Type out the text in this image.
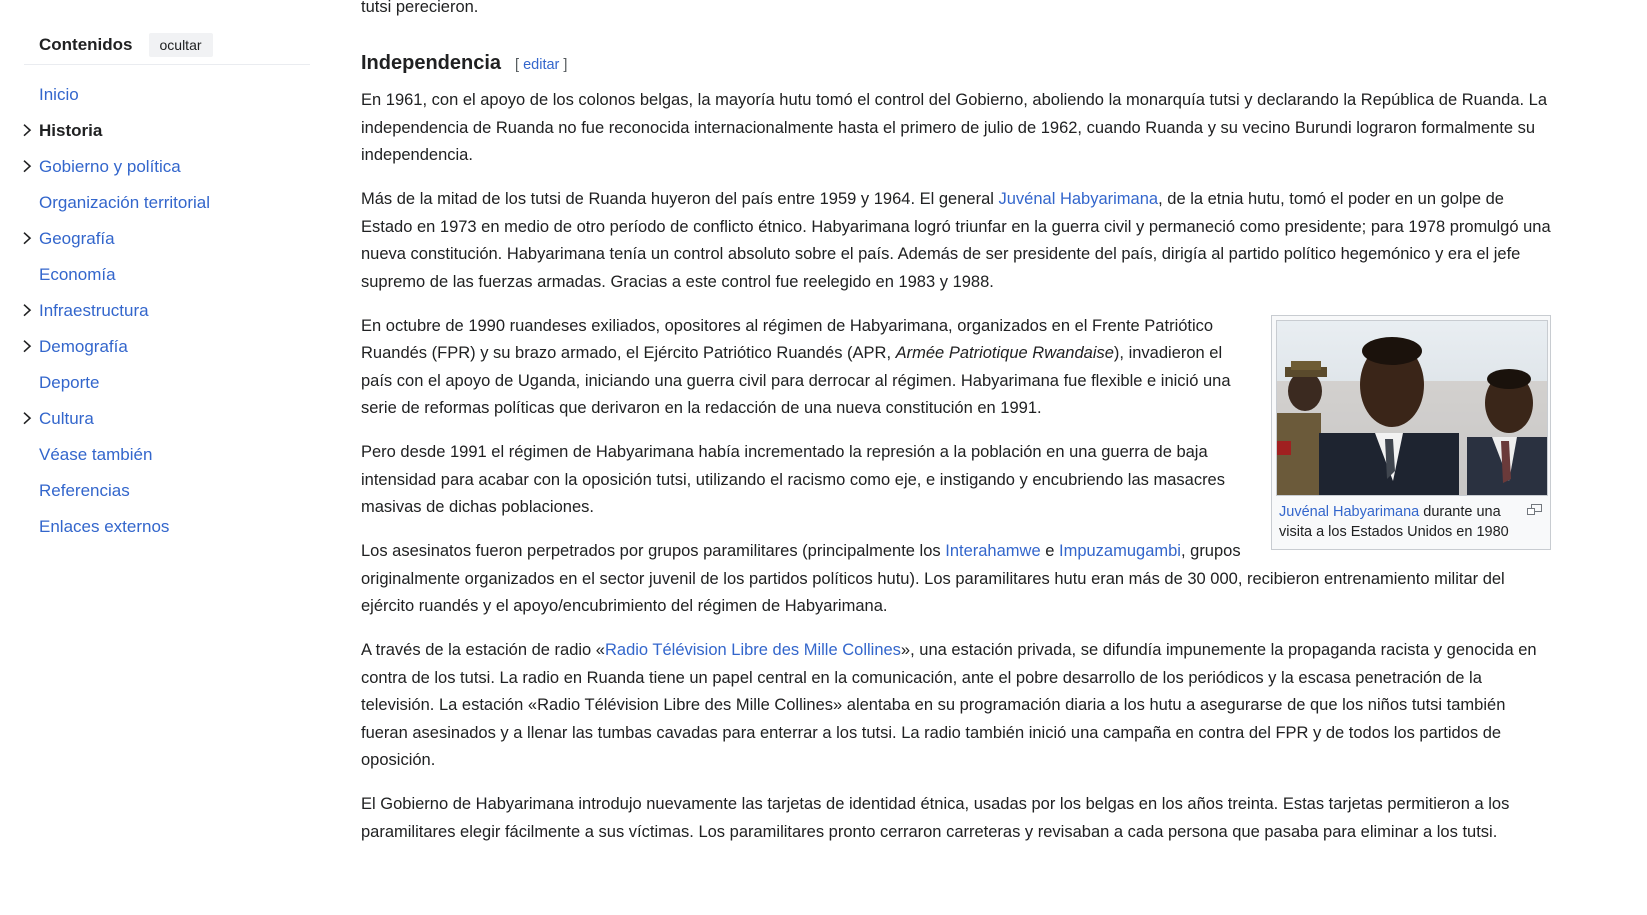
Contenidos	ocultar
Inicio
Historia
Gobierno y política
Organización territorial
Geografía
Economía
Infraestructura
Demografía
Deporte
Cultura
Véase también
Referencias
Enlaces externos

tutsi perecieron.

Independencia [ editar ]

En 1961, con el apoyo de los colonos belgas, la mayoría hutu tomó el control del Gobierno, aboliendo la monarquía tutsi y declarando la República de Ruanda. La independencia de Ruanda no fue reconocida internacionalmente hasta el primero de julio de 1962, cuando Ruanda y su vecino Burundi lograron formalmente su independencia.

Más de la mitad de los tutsi de Ruanda huyeron del país entre 1959 y 1964. El general Juvénal Habyarimana, de la etnia hutu, tomó el poder en un golpe de Estado en 1973 en medio de otro período de conflicto étnico. Habyarimana logró triunfar en la guerra civil y permaneció como presidente; para 1978 promulgó una nueva constitución. Habyarimana tenía un control absoluto sobre el país. Además de ser presidente del país, dirigía al partido político hegemónico y era el jefe supremo de las fuerzas armadas. Gracias a este control fue reelegido en 1983 y 1988.

Juvénal Habyarimana durante una visita a los Estados Unidos en 1980

En octubre de 1990 ruandeses exiliados, opositores al régimen de Habyarimana, organizados en el Frente Patriótico Ruandés (FPR) y su brazo armado, el Ejército Patriótico Ruandés (APR, Armée Patriotique Rwandaise), invadieron el país con el apoyo de Uganda, iniciando una guerra civil para derrocar al régimen. Habyarimana fue flexible e inició una serie de reformas políticas que derivaron en la redacción de una nueva constitución en 1991.

Pero desde 1991 el régimen de Habyarimana había incrementado la represión a la población en una guerra de baja intensidad para acabar con la oposición tutsi, utilizando el racismo como eje, e instigando y encubriendo las masacres masivas de dichas poblaciones.

Los asesinatos fueron perpetrados por grupos paramilitares (principalmente los Interahamwe e Impuzamugambi, grupos originalmente organizados en el sector juvenil de los partidos políticos hutu). Los paramilitares hutu eran más de 30 000, recibieron entrenamiento militar del ejército ruandés y el apoyo/encubrimiento del régimen de Habyarimana.

A través de la estación de radio «Radio Télévision Libre des Mille Collines», una estación privada, se difundía impunemente la propaganda racista y genocida en contra de los tutsi. La radio en Ruanda tiene un papel central en la comunicación, ante el pobre desarrollo de los periódicos y la escasa penetración de la televisión. La estación «Radio Télévision Libre des Mille Collines» alentaba en su programación diaria a los hutu a asegurarse de que los niños tutsi también fueran asesinados y a llenar las tumbas cavadas para enterrar a los tutsi. La radio también inició una campaña en contra del FPR y de todos los partidos de oposición.

El Gobierno de Habyarimana introdujo nuevamente las tarjetas de identidad étnica, usadas por los belgas en los años treinta. Estas tarjetas permitieron a los paramilitares elegir fácilmente a sus víctimas. Los paramilitares pronto cerraron carreteras y revisaban a cada persona que pasaba para eliminar a los tutsi.
